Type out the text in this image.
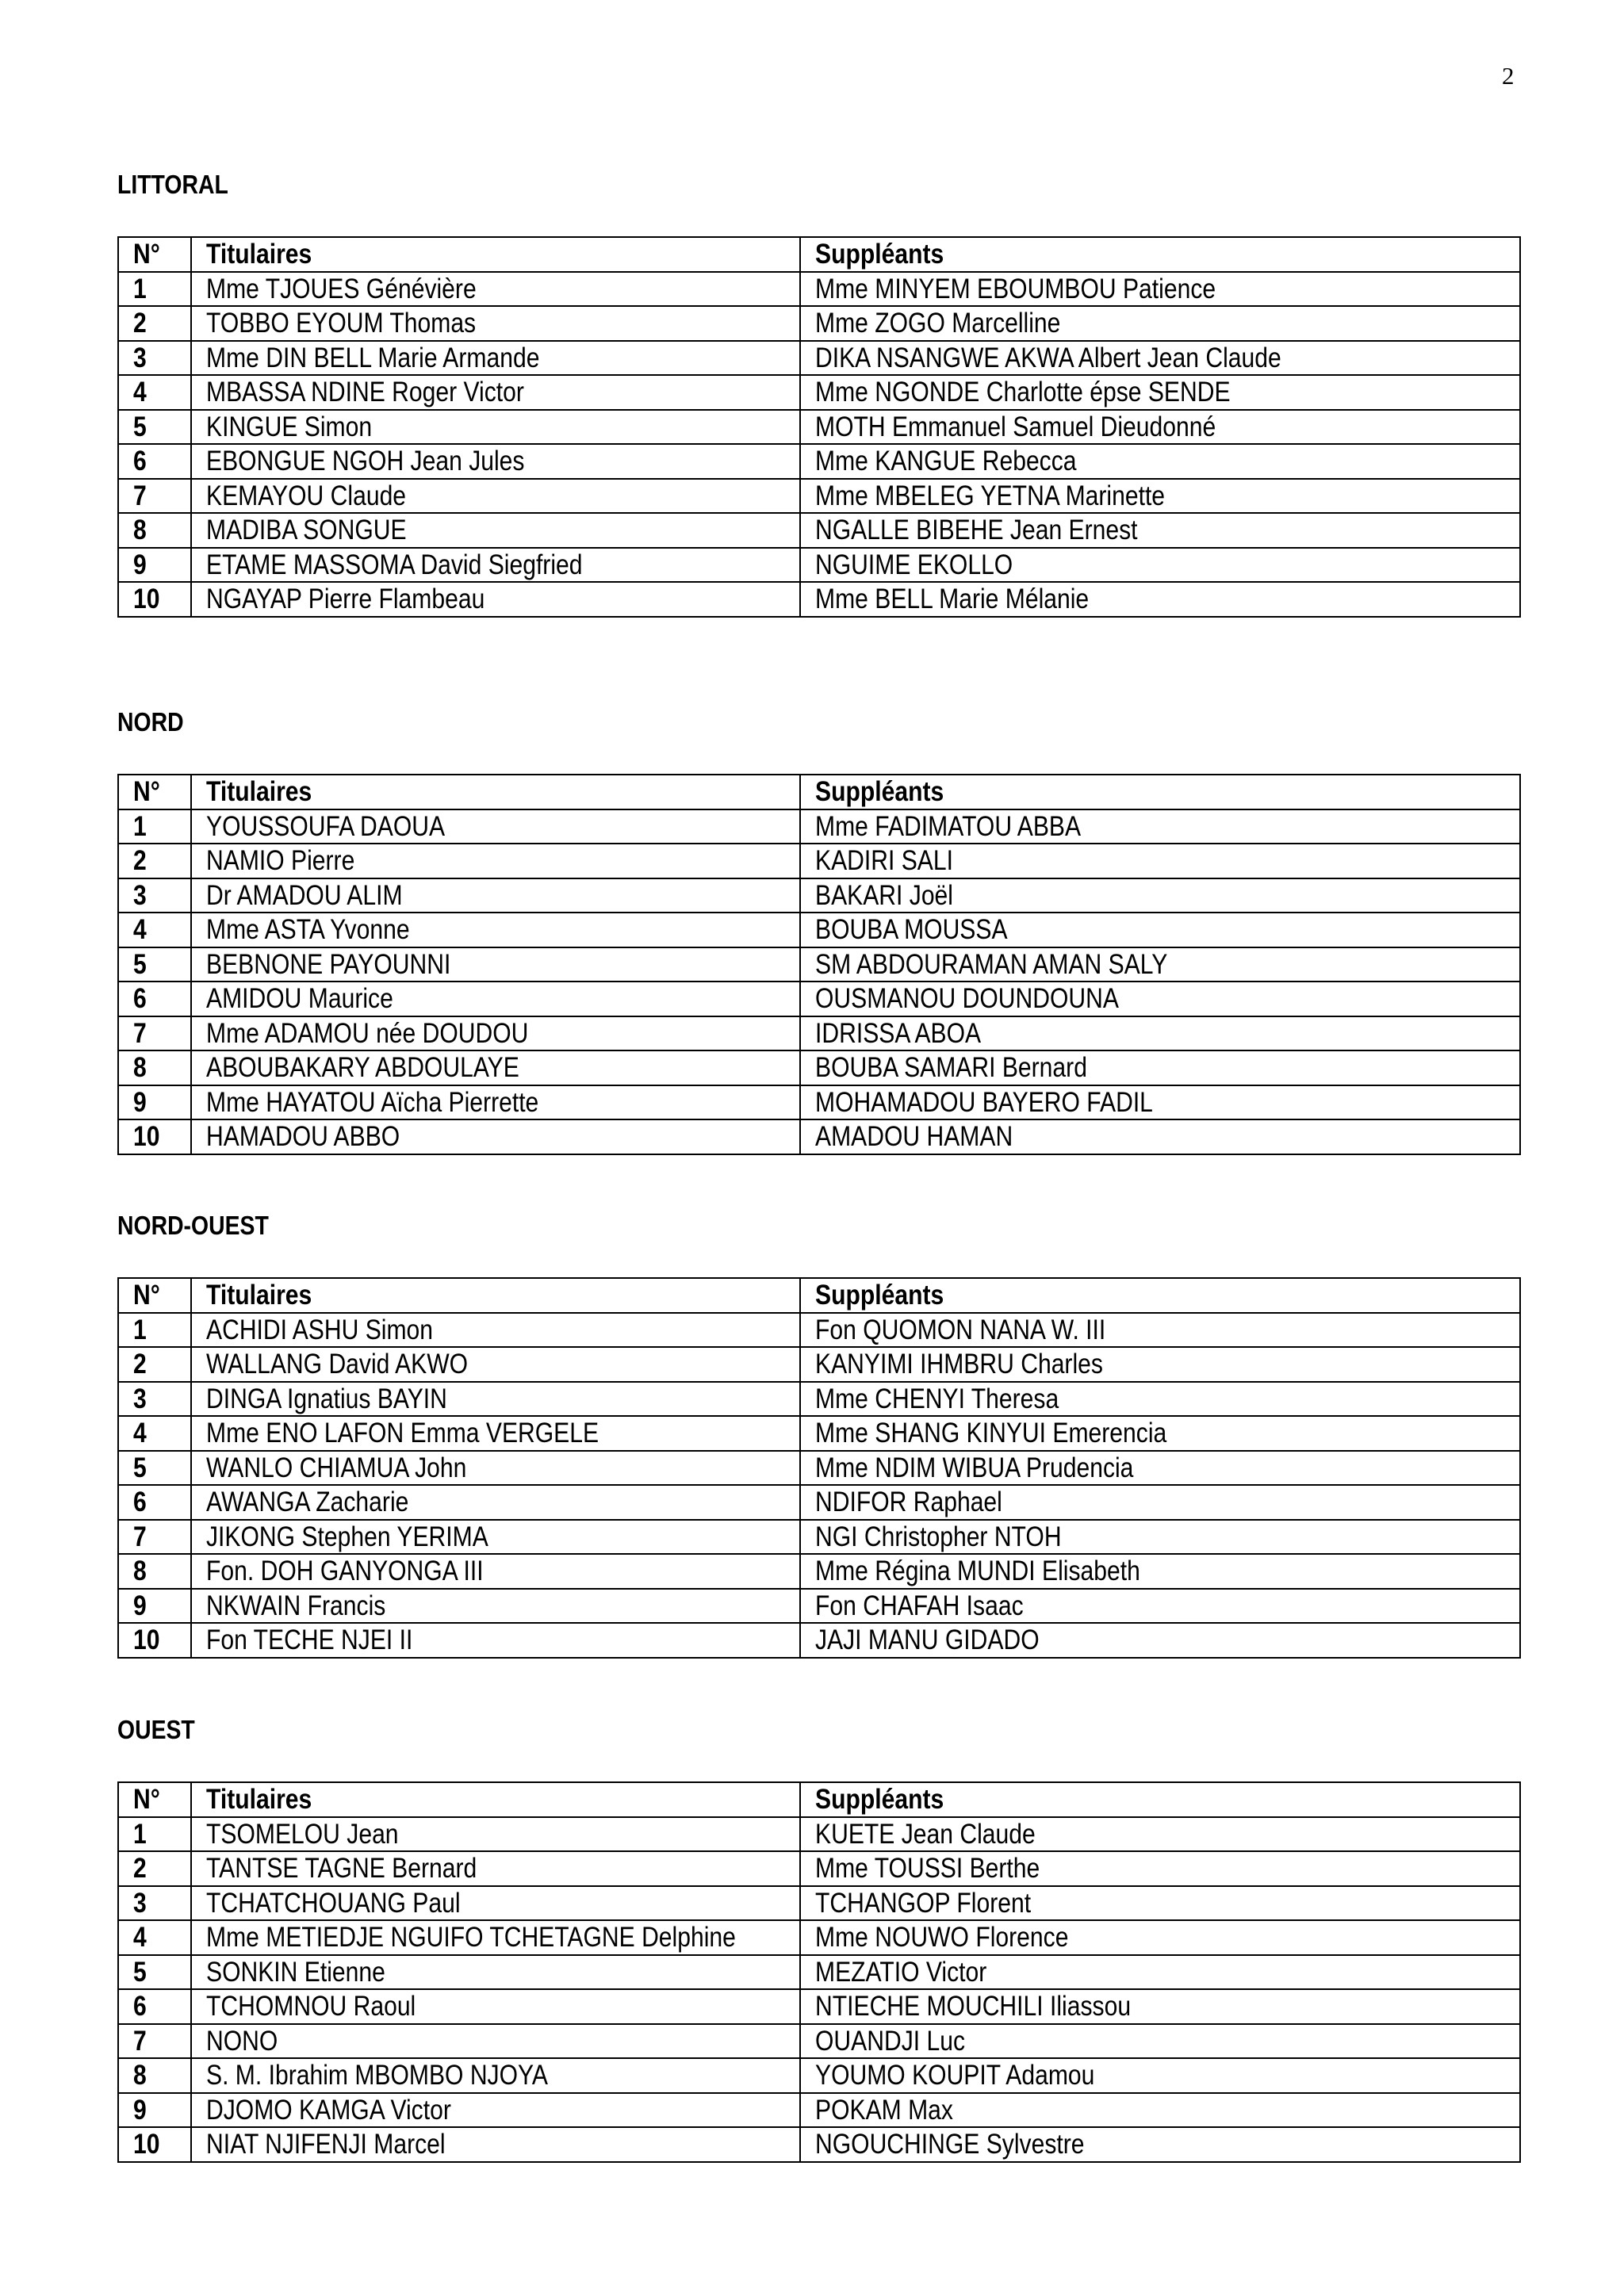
2
LITTORAL
N°	Titulaires	Suppléants
1	Mme TJOUES Génévière	Mme MINYEM EBOUMBOU Patience
2	TOBBO EYOUM Thomas	Mme ZOGO Marcelline
3	Mme DIN BELL Marie Armande	DIKA NSANGWE AKWA Albert Jean Claude
4	MBASSA NDINE Roger Victor	Mme NGONDE Charlotte épse SENDE
5	KINGUE Simon	MOTH Emmanuel Samuel Dieudonné
6	EBONGUE NGOH Jean Jules	Mme KANGUE Rebecca
7	KEMAYOU Claude	Mme MBELEG YETNA Marinette
8	MADIBA SONGUE	NGALLE BIBEHE Jean Ernest
9	ETAME MASSOMA David Siegfried	NGUIME EKOLLO
10	NGAYAP Pierre Flambeau	Mme BELL Marie Mélanie
NORD
N°	Titulaires	Suppléants
1	YOUSSOUFA DAOUA	Mme FADIMATOU ABBA
2	NAMIO Pierre	KADIRI SALI
3	Dr AMADOU ALIM	BAKARI Joël
4	Mme ASTA Yvonne	BOUBA MOUSSA
5	BEBNONE PAYOUNNI	SM ABDOURAMAN AMAN SALY
6	AMIDOU Maurice	OUSMANOU DOUNDOUNA
7	Mme ADAMOU née DOUDOU	IDRISSA ABOA
8	ABOUBAKARY ABDOULAYE	BOUBA SAMARI Bernard
9	Mme HAYATOU Aïcha Pierrette	MOHAMADOU BAYERO FADIL
10	HAMADOU ABBO	AMADOU HAMAN
NORD-OUEST
N°	Titulaires	Suppléants
1	ACHIDI ASHU Simon	Fon QUOMON NANA W. III
2	WALLANG David AKWO	KANYIMI IHMBRU Charles
3	DINGA Ignatius BAYIN	Mme CHENYI Theresa
4	Mme ENO LAFON Emma VERGELE	Mme SHANG KINYUI Emerencia
5	WANLO CHIAMUA John	Mme NDIM WIBUA Prudencia
6	AWANGA Zacharie	NDIFOR Raphael
7	JIKONG Stephen YERIMA	NGI Christopher NTOH
8	Fon. DOH GANYONGA III	Mme Régina MUNDI Elisabeth
9	NKWAIN Francis	Fon CHAFAH Isaac
10	Fon TECHE NJEI II	JAJI MANU GIDADO
OUEST
N°	Titulaires	Suppléants
1	TSOMELOU Jean	KUETE Jean Claude
2	TANTSE TAGNE Bernard	Mme TOUSSI Berthe
3	TCHATCHOUANG Paul	TCHANGOP Florent
4	Mme METIEDJE NGUIFO TCHETAGNE Delphine	Mme NOUWO Florence
5	SONKIN Etienne	MEZATIO Victor
6	TCHOMNOU Raoul	NTIECHE MOUCHILI Iliassou
7	NONO	OUANDJI Luc
8	S. M. Ibrahim MBOMBO NJOYA	YOUMO KOUPIT Adamou
9	DJOMO KAMGA Victor	POKAM Max
10	NIAT NJIFENJI Marcel	NGOUCHINGE Sylvestre
